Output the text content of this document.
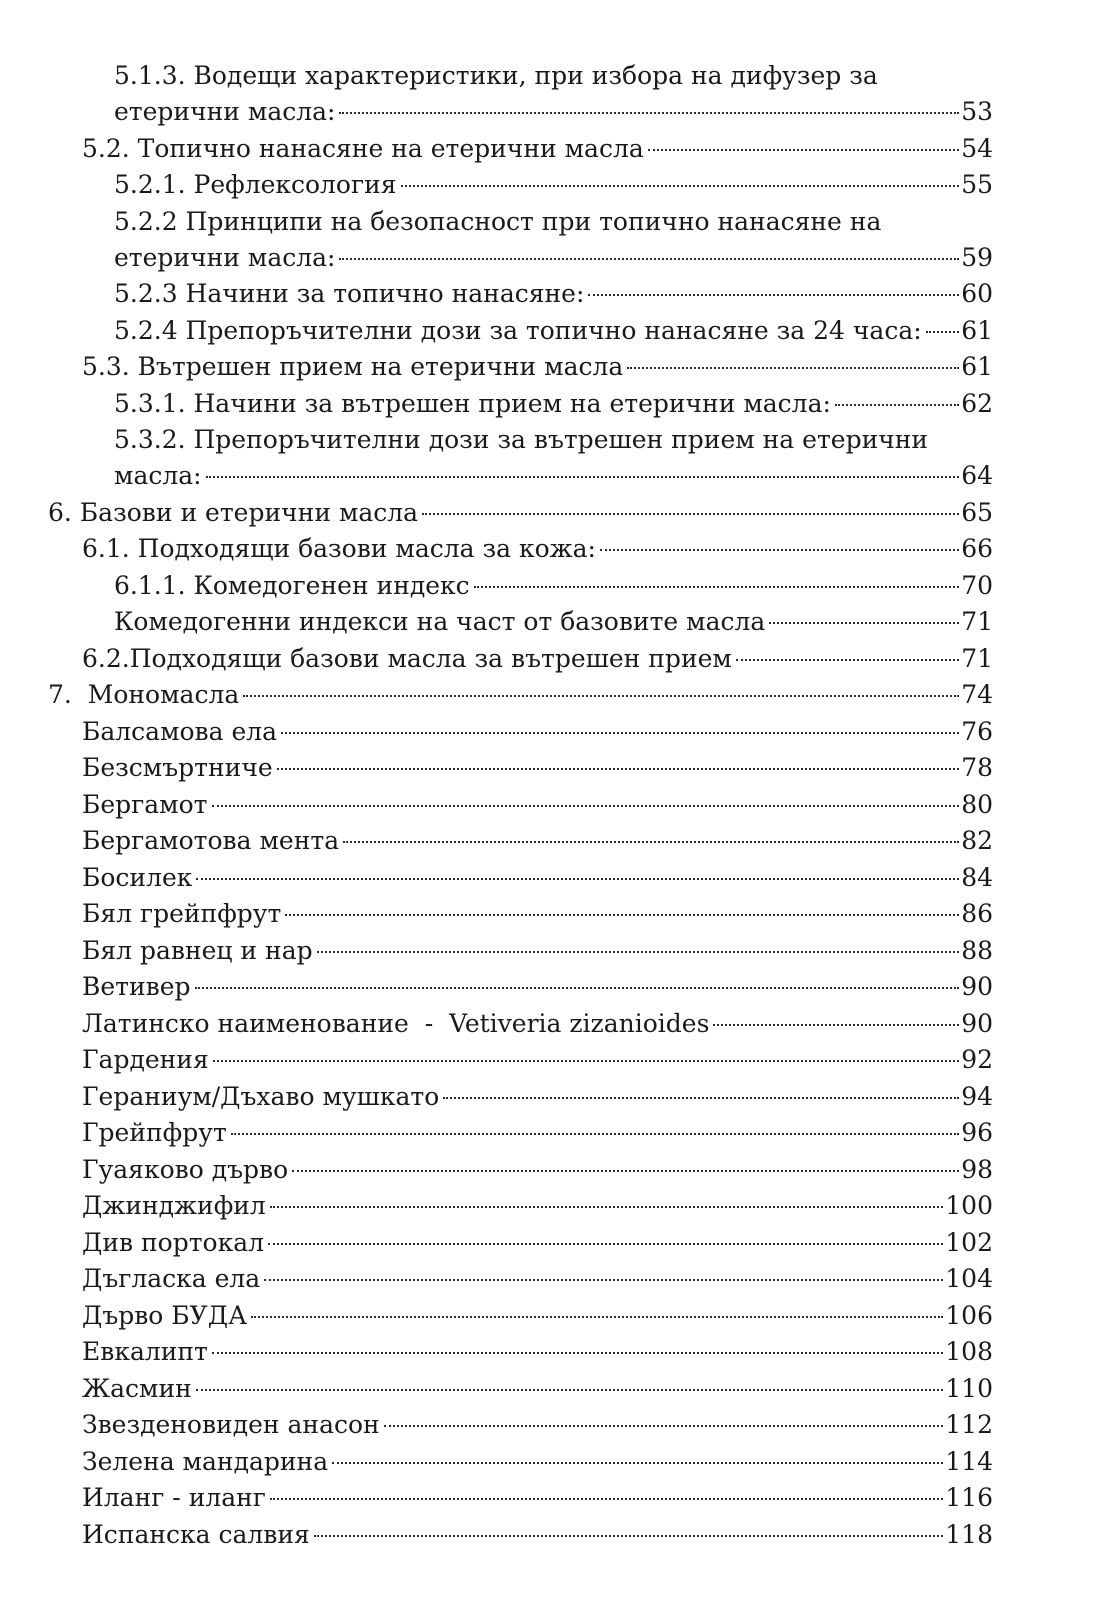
5.1.3. Водещи характеристики, при избора на дифузер за
етерични масла:	53
5.2. Топично нанасяне на етерични масла	54
5.2.1. Рефлексология	55
5.2.2 Принципи на безопасност при топично нанасяне на
етерични масла:	59
5.2.3 Начини за топично нанасяне:	60
5.2.4 Препоръчителни дози за топично нанасяне за 24 часа: 61
5.3. Вътрешен прием на етерични масла	61
5.3.1. Начини за вътрешен прием на етерични масла:	62
5.3.2. Препоръчителни дози за вътрешен прием на етерични
масла:	64
6. Базови и етерични масла	65
6.1. Подходящи базови масла за кожа:	66
6.1.1. Комедогенен индекс	70
Комедогенни индекси на част от базовите масла	71
6.2.Подходящи базови масла за вътрешен прием	71
7.  Мономасла	74
Балсамова ела	76
Безсмъртниче	78
Бергамот	80
Бергамотова мента	82
Босилек	84
Бял грейпфрут	86
Бял равнец и нар	88
Ветивер	90
Латинско наименование  -  Vetiveria zizanioides	90
Гардения	92
Гераниум/Дъхаво мушкато	94
Грейпфрут	96
Гуаяково дърво	98
Джинджифил	100
Див портокал	102
Дъгласка ела	104
Дърво БУДА	106
Евкалипт	108
Жасмин	110
Звезденовиден анасон	112
Зелена мандарина	114
Иланг - иланг	116
Испанска салвия	118
